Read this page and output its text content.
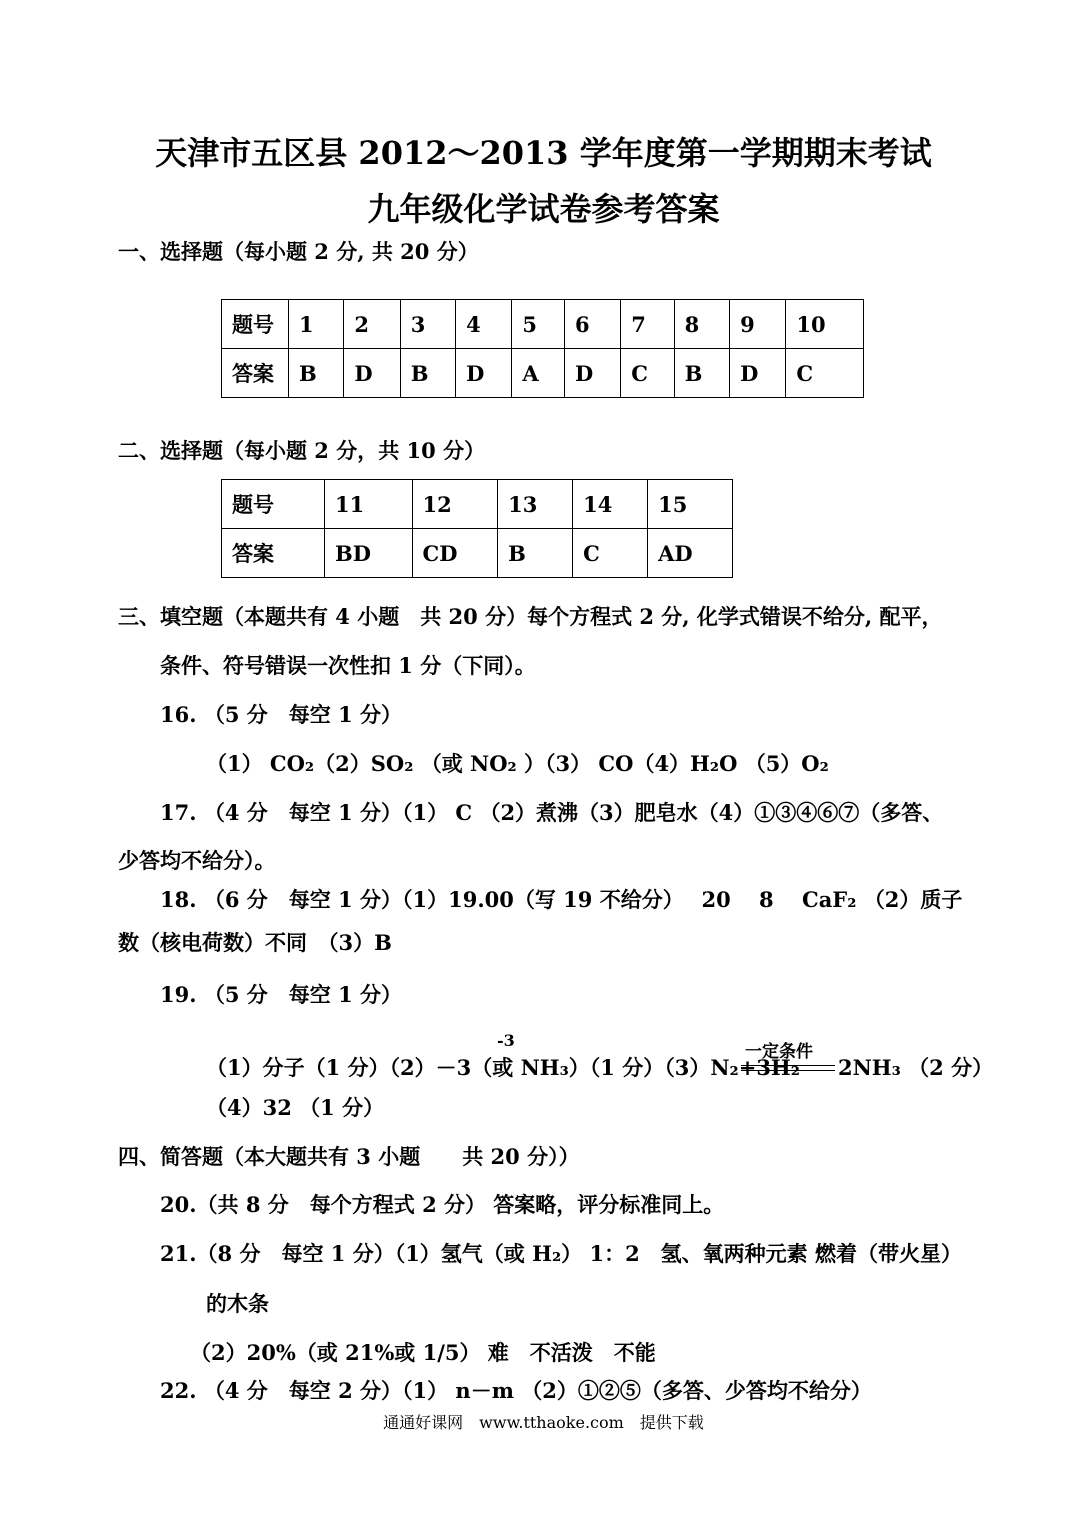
天津市五区县 2012～2013 学年度第一学期期末考试
九年级化学试卷参考答案
一、选择题（每小题 2 分, 共 20 分）
题号	1	2	3	4	5	6	7	8	9	10
答案	B	D	B	D	A	D	C	B	D	C
二、选择题（每小题 2 分，共 10 分）
题号	11	12	13	14	15
答案	BD	CD	B	C	AD
三、填空题（本题共有 4 小题　共 20 分）每个方程式 2 分, 化学式错误不给分, 配平，
条件、符号错误一次性扣 1 分（下同）。
16. （5 分　每空 1 分）
（1） CO₂（2）SO₂ （或 NO₂ ）（3） CO（4）H₂O （5）O₂
17. （4 分　每空 1 分）（1） C （2）煮沸（3）肥皂水（4）①③④⑥⑦（多答、
少答均不给分）。
18. （6 分　每空 1 分）（1）19.00（写 19 不给分）　 20　 8　 CaF₂ （2）质子
数（核电荷数）不同　（3）B
19. （5 分　每空 1 分）
-3
一定条件
（1）分子（1 分）（2）－3（或 NH₃）（1 分）（3）N₂+3H₂ 2NH₃ （2 分）
（4）32 （1 分）
四、简答题（本大题共有 3 小题　　共 20 分））
20.（共 8 分　每个方程式 2 分） 答案略，评分标准同上。
21.（8 分　每空 1 分）（1）氢气（或 H₂） 1：2　氢、氧两种元素 燃着（带火星）
的木条
（2）20%（或 21%或 1/5） 难　不活泼　不能
22. （4 分　每空 2 分）（1） n－m （2）①②⑤（多答、少答均不给分）
通通好课网　www.tthaoke.com　提供下载
